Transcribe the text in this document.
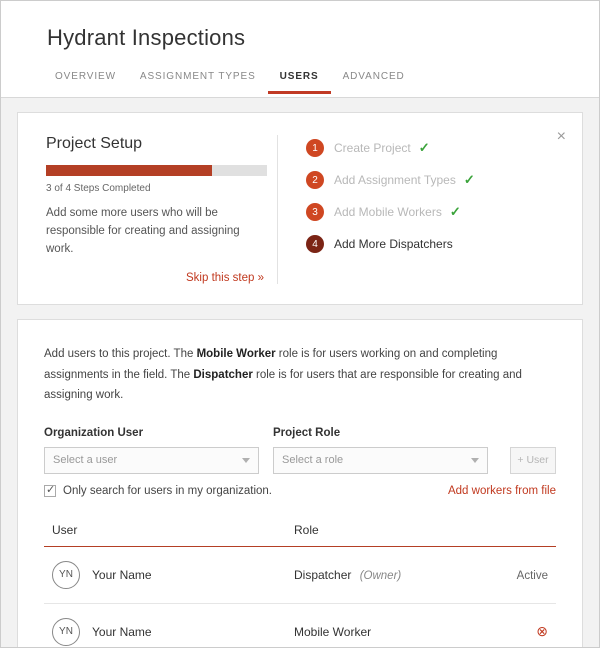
Hydrant Inspections
OVERVIEW	ASSIGNMENT TYPES	USERS	ADVANCED
Project Setup
3 of 4 Steps Completed

Add some more users who will be responsible for creating and assigning work.

Skip this step »
1	Create Project ✓
2	Add Assignment Types ✓
3	Add Mobile Workers ✓
4	Add More Dispatchers
×

Add users to this project. The Mobile Worker role is for users working on and completing assignments in the field. The Dispatcher role is for users that are responsible for creating and assigning work.

Organization User
Select a user
Project Role
Select a role	+ User
✓
Only search for users in my organization.	Add workers from file
User	Role	

YN Your Name	Dispatcher (Owner)	Active

YN Your Name	Mobile Worker	⊗
